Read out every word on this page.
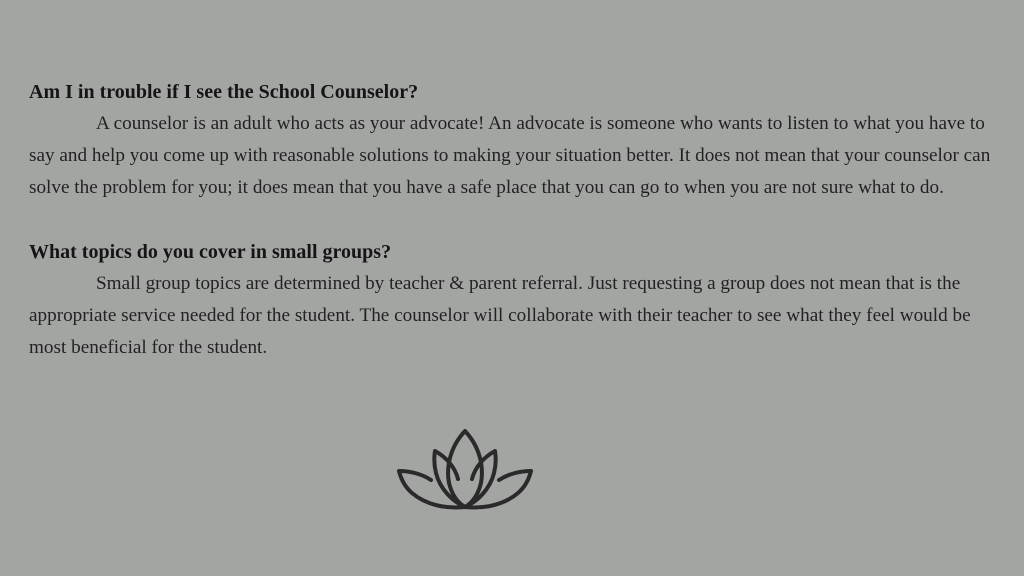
Am I in trouble if I see the School Counselor?

A counselor is an adult who acts as your advocate! An advocate is someone who wants to listen to what you have to say and help you come up with reasonable solutions to making your situation better. It does not mean that your counselor can solve the problem for you; it does mean that you have a safe place that you can go to when you are not sure what to do.

What topics do you cover in small groups?

Small group topics are determined by teacher & parent referral. Just requesting a group does not mean that is the appropriate service needed for the student. The counselor will collaborate with their teacher to see what they feel would be most beneficial for the student.
